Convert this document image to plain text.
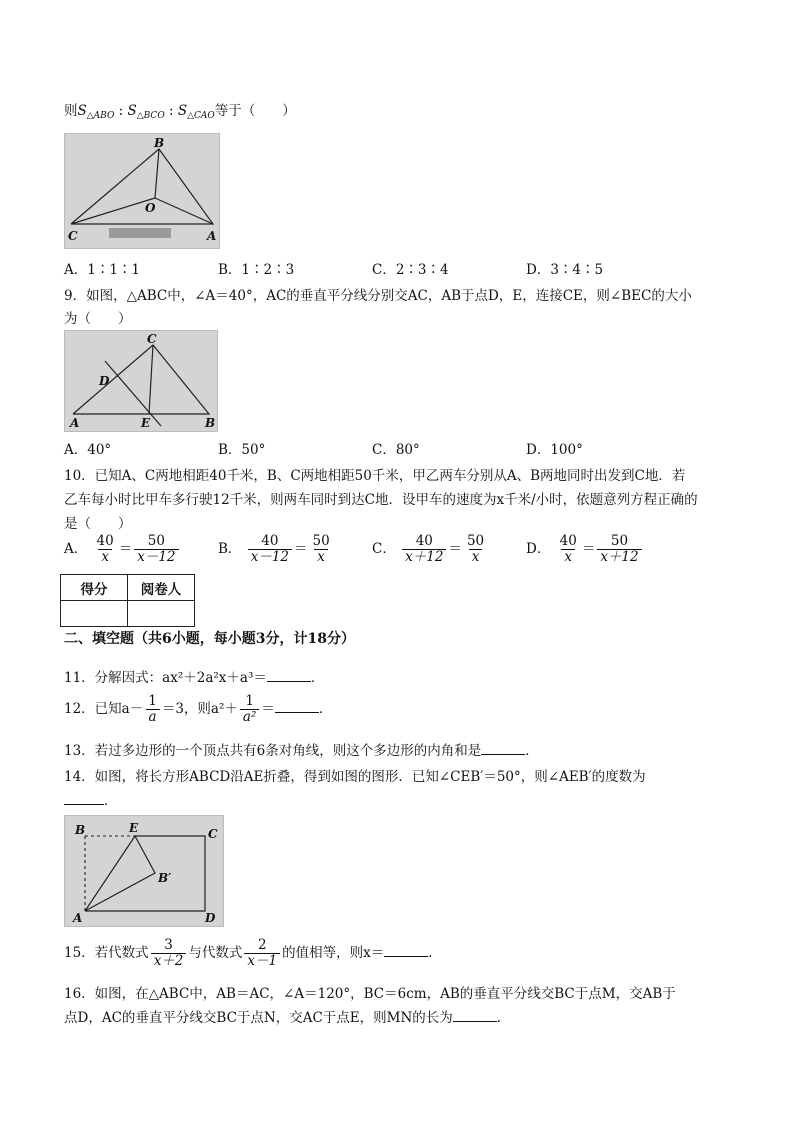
则$S_{\triangle ABO}$ : $S_{\triangle BCO}$ : $S_{\triangle CAO}$等于（　　）
B
O
C	A
A．1∶1∶1	B．1∶2∶3	C．2∶3∶4	D．3∶4∶5
9．如图，△ABC中，∠A＝40°，AC的垂直平分线分别交AC，AB于点D，E，连接CE，则∠BEC的大小
为（　　）
C
D
A	E	B
A．40°	B．50°	C．80°	D．100°
10．已知A、C两地相距40千米，B、C两地相距50千米，甲乙两车分别从A、B两地同时出发到C地．若
乙车每小时比甲车多行驶12千米，则两车同时到达C地．设甲车的速度为x千米/小时，依题意列方程正确的
是（　　）
A． $\frac{40}{x} = \frac{50}{x-12}$	B． $\frac{40}{x-12} = \frac{50}{x}$	C． $\frac{40}{x+12} = \frac{50}{x}$	D． $\frac{40}{x} = \frac{50}{x+12}$
得分	阅卷人

二、填空题（共6小题，每小题3分，计18分）
11．分解因式：ax²＋2a²x＋a³＝	．
12．已知$a- \frac{1}{a} =3$，则$a^2+ \frac{1}{\text{a²}}$ ＝	．
13．若过多边形的一个顶点共有6条对角线，则这个多边形的内角和是	．
14．如图，将长方形ABCD沿AE折叠，得到如图的图形．已知∠CEB′＝50°，则∠AEB′的度数为
．
B	E	C
B′
A	D
15．若代数式 $\frac{3}{x+2}$ 与代数式 $\frac{2}{x-1}$ 的值相等，则x＝	．
16．如图，在△ABC中，AB＝AC，∠A＝120°，BC＝6cm，AB的垂直平分线交BC于点M，交AB于
点D，AC的垂直平分线交BC于点N，交AC于点E，则MN的长为	．
